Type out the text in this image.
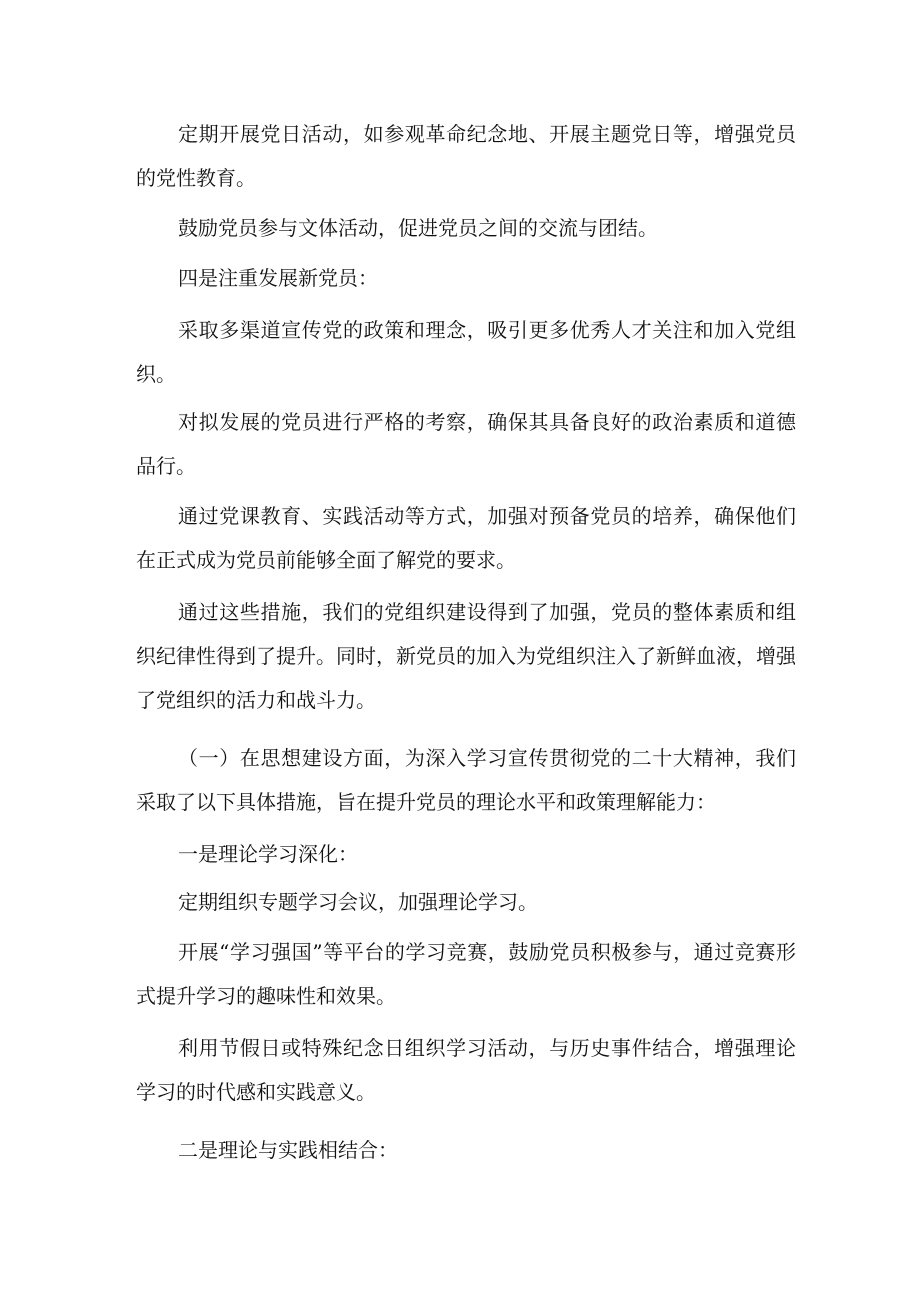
定期开展党日活动，如参观革命纪念地、开展主题党日等，增强党员的党性教育。

鼓励党员参与文体活动，促进党员之间的交流与团结。

四是注重发展新党员：

采取多渠道宣传党的政策和理念，吸引更多优秀人才关注和加入党组织。

对拟发展的党员进行严格的考察，确保其具备良好的政治素质和道德品行。

通过党课教育、实践活动等方式，加强对预备党员的培养，确保他们在正式成为党员前能够全面了解党的要求。

通过这些措施，我们的党组织建设得到了加强，党员的整体素质和组织纪律性得到了提升。同时，新党员的加入为党组织注入了新鲜血液，增强了党组织的活力和战斗力。

（一）在思想建设方面，为深入学习宣传贯彻党的二十大精神，我们采取了以下具体措施，旨在提升党员的理论水平和政策理解能力：

一是理论学习深化：

定期组织专题学习会议，加强理论学习。

开展“学习强国”等平台的学习竞赛，鼓励党员积极参与，通过竞赛形式提升学习的趣味性和效果。

利用节假日或特殊纪念日组织学习活动，与历史事件结合，增强理论学习的时代感和实践意义。

二是理论与实践相结合：
